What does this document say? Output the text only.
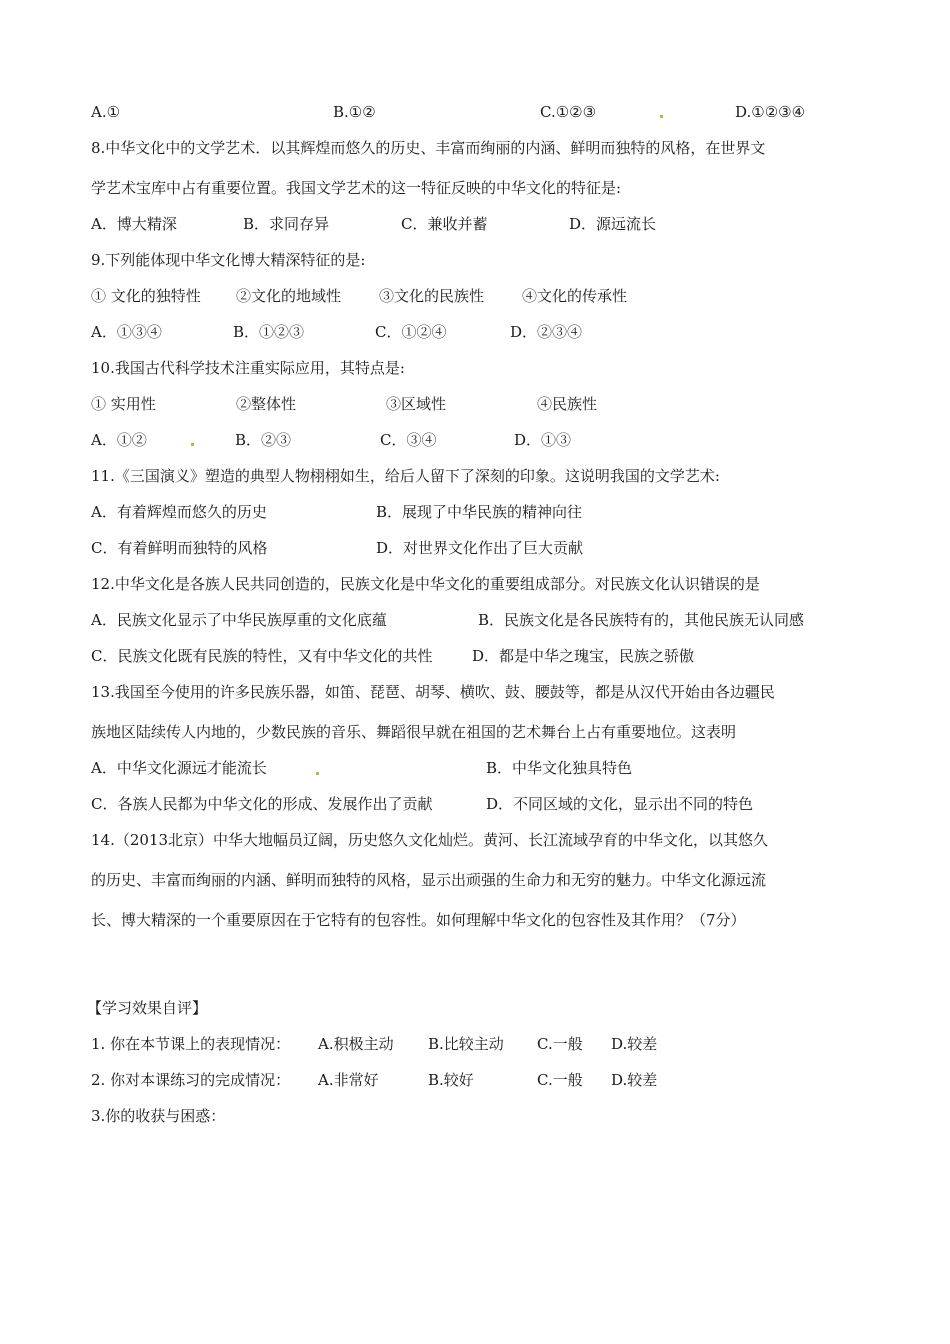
A.①	B.①②	C.①②③	D.①②③④
8.中华文化中的文学艺术．以其辉煌而悠久的历史、丰富而绚丽的内涵、鲜明而独特的风格，在世界文
学艺术宝库中占有重要位置。我国文学艺术的这一特征反映的中华文化的特征是:
A．博大精深	B．求同存异	C．兼收并蓄	D．源远流长
9.下列能体现中华文化博大精深特征的是:
① 文化的独特性 ②文化的地域性	③文化的民族性	④文化的传承性
A．①③④	B．①②③	C．①②④	D．②③④
10.我国古代科学技术注重实际应用，其特点是:
① 实用性	②整体性	③区域性	④民族性
A．①②	B．②③	C．③④	D．①③
11.《三国演义》塑造的典型人物栩栩如生，给后人留下了深刻的印象。这说明我国的文学艺术:
A．有着辉煌而悠久的历史	B．展现了中华民族的精神向往
C．有着鲜明而独特的风格	D．对世界文化作出了巨大贡献
12.中华文化是各族人民共同创造的，民族文化是中华文化的重要组成部分。对民族文化认识错误的是
A．民族文化显示了中华民族厚重的文化底蕴	B．民族文化是各民族特有的，其他民族无认同感
C．民族文化既有民族的特性，又有中华文化的共性	D．都是中华之瑰宝，民族之骄傲
13.我国至今使用的许多民族乐器，如笛、琵琶、胡琴、横吹、鼓、腰鼓等，都是从汉代开始由各边疆民
族地区陆续传人内地的，少数民族的音乐、舞蹈很早就在祖国的艺术舞台上占有重要地位。这表明
A．中华文化源远才能流长	B．中华文化独具特色
C．各族人民都为中华文化的形成、发展作出了贡献	D．不同区域的文化，显示出不同的特色
14.（2013北京）中华大地幅员辽阔，历史悠久文化灿烂。黄河、长江流域孕育的中华文化，以其悠久
的历史、丰富而绚丽的内涵、鲜明而独特的风格，显示出顽强的生命力和无穷的魅力。中华文化源远流
长、博大精深的一个重要原因在于它特有的包容性。如何理解中华文化的包容性及其作用？（7分）
【学习效果自评】
1. 你在本节课上的表现情况： A.积极主动 B.比较主动 C.一般 D.较差
2. 你对本课练习的完成情况： A.非常好	B.较好	C.一般 D.较差
3.你的收获与困惑：
